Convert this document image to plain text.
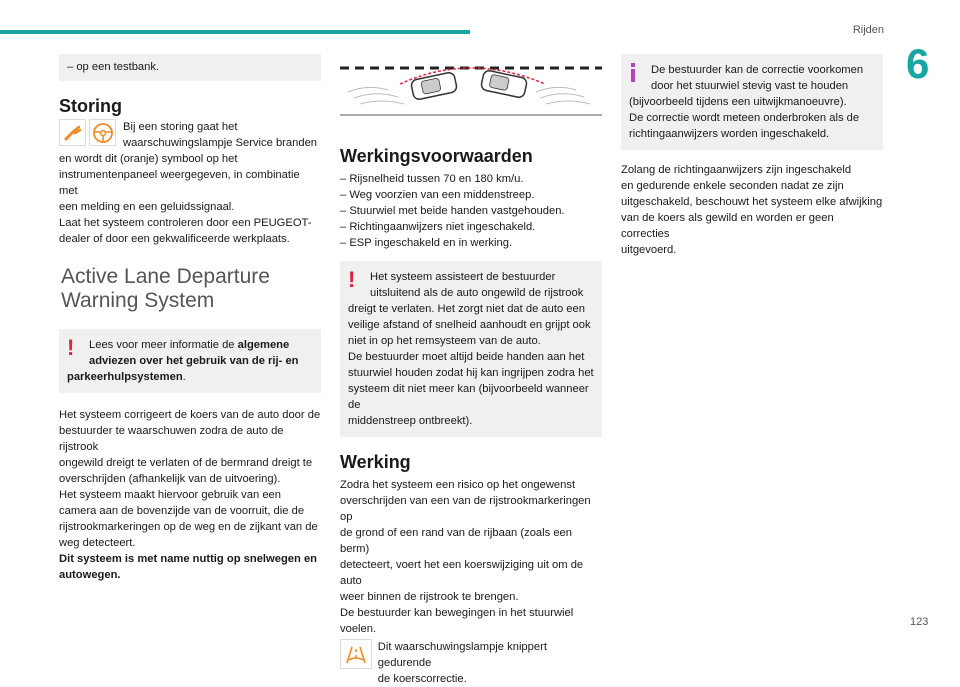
Rijden
6
123

– op een testbank.

Storing

Bij een storing gaat het

waarschuwingslampje Service branden

en wordt dit (oranje) symbool op het

instrumentenpaneel weergegeven, in combinatie met

een melding en een geluidssignaal.

Laat het systeem controleren door een PEUGEOT-

dealer of door een gekwalificeerde werkplaats.

Active Lane Departure
Warning System
!	Lees voor meer informatie de algemene

adviezen over het gebruik van de rij- en

parkeerhulpsystemen.

Het systeem corrigeert de koers van de auto door de

bestuurder te waarschuwen zodra de auto de rijstrook

ongewild dreigt te verlaten of de bermrand dreigt te

overschrijden (afhankelijk van de uitvoering).

Het systeem maakt hiervoor gebruik van een

camera aan de bovenzijde van de voorruit, die de

rijstrookmarkeringen op de weg en de zijkant van de

weg detecteert.

Dit systeem is met name nuttig op snelwegen en

autowegen.

Werkingsvoorwaarden

– Rijsnelheid tussen 70 en 180 km/u.

– Weg voorzien van een middenstreep.

– Stuurwiel met beide handen vastgehouden.

– Richtingaanwijzers niet ingeschakeld.

– ESP ingeschakeld en in werking.

!	Het systeem assisteert de bestuurder

uitsluitend als de auto ongewild de rijstrook

dreigt te verlaten. Het zorgt niet dat de auto een

veilige afstand of snelheid aanhoudt en grijpt ook

niet in op het remsysteem van de auto.

De bestuurder moet altijd beide handen aan het

stuurwiel houden zodat hij kan ingrijpen zodra het

systeem dit niet meer kan (bijvoorbeeld wanneer de

middenstreep ontbreekt).

Werking

Zodra het systeem een risico op het ongewenst

overschrijden van een van de rijstrookmarkeringen op

de grond of een rand van de rijbaan (zoals een berm)

detecteert, voert het een koerswijziging uit om de auto

weer binnen de rijstrook te brengen.

De bestuurder kan bewegingen in het stuurwiel voelen.

Dit waarschuwingslampje knippert gedurende

de koerscorrectie.

De bestuurder kan de correctie voorkomen

door het stuurwiel stevig vast te houden

(bijvoorbeeld tijdens een uitwijkmanoeuvre).

De correctie wordt meteen onderbroken als de

richtingaanwijzers worden ingeschakeld.

Zolang de richtingaanwijzers zijn ingeschakeld

en gedurende enkele seconden nadat ze zijn

uitgeschakeld, beschouwt het systeem elke afwijking

van de koers als gewild en worden er geen correcties

uitgevoerd.
